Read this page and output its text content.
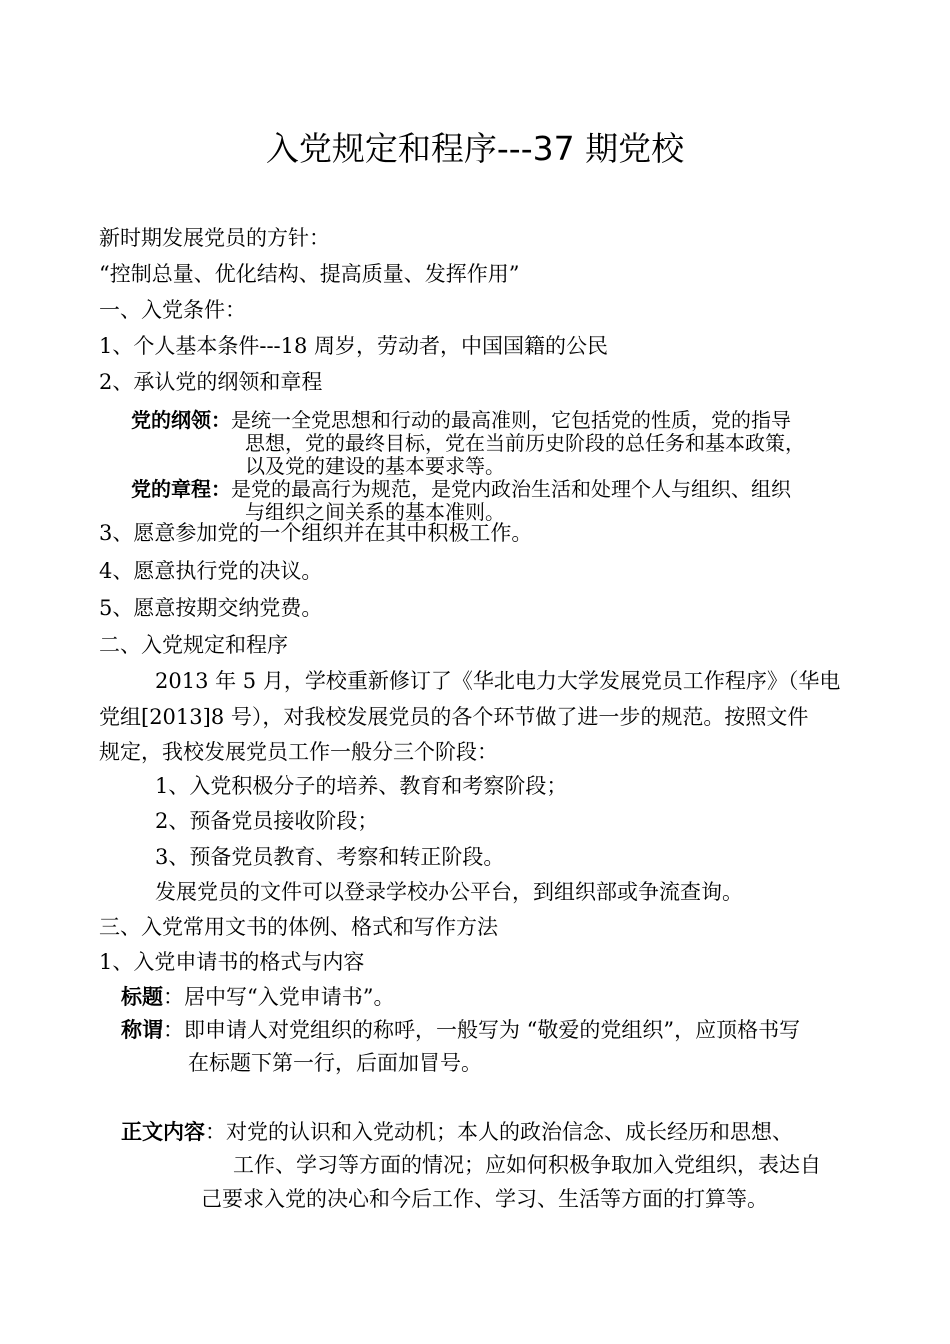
入党规定和程序---37 期党校
新时期发展党员的方针：
“控制总量、优化结构、提高质量、发挥作用”
一、入党条件：
1、个人基本条件---18 周岁，劳动者，中国国籍的公民
2、承认党的纲领和章程
党的纲领：是统一全党思想和行动的最高准则，它包括党的性质，党的指导
思想，党的最终目标，党在当前历史阶段的总任务和基本政策，
以及党的建设的基本要求等。
党的章程：是党的最高行为规范，是党内政治生活和处理个人与组织、组织
与组织之间关系的基本准则。
3、愿意参加党的一个组织并在其中积极工作。
4、愿意执行党的决议。
5、愿意按期交纳党费。
二、入党规定和程序
2013 年 5 月，学校重新修订了《华北电力大学发展党员工作程序》（华电
党组[2013]8 号），对我校发展党员的各个环节做了进一步的规范。按照文件
规定，我校发展党员工作一般分三个阶段：
1、入党积极分子的培养、教育和考察阶段；
2、预备党员接收阶段；
3、预备党员教育、考察和转正阶段。
发展党员的文件可以登录学校办公平台，到组织部或争流查询。
三、入党常用文书的体例、格式和写作方法
1、入党申请书的格式与内容
标题：居中写“入党申请书”。
称谓：即申请人对党组织的称呼，一般写为 “敬爱的党组织”，应顶格书写
在标题下第一行，后面加冒号。
正文内容：对党的认识和入党动机；本人的政治信念、成长经历和思想、
工作、学习等方面的情况；应如何积极争取加入党组织，表达自
己要求入党的决心和今后工作、学习、生活等方面的打算等。
